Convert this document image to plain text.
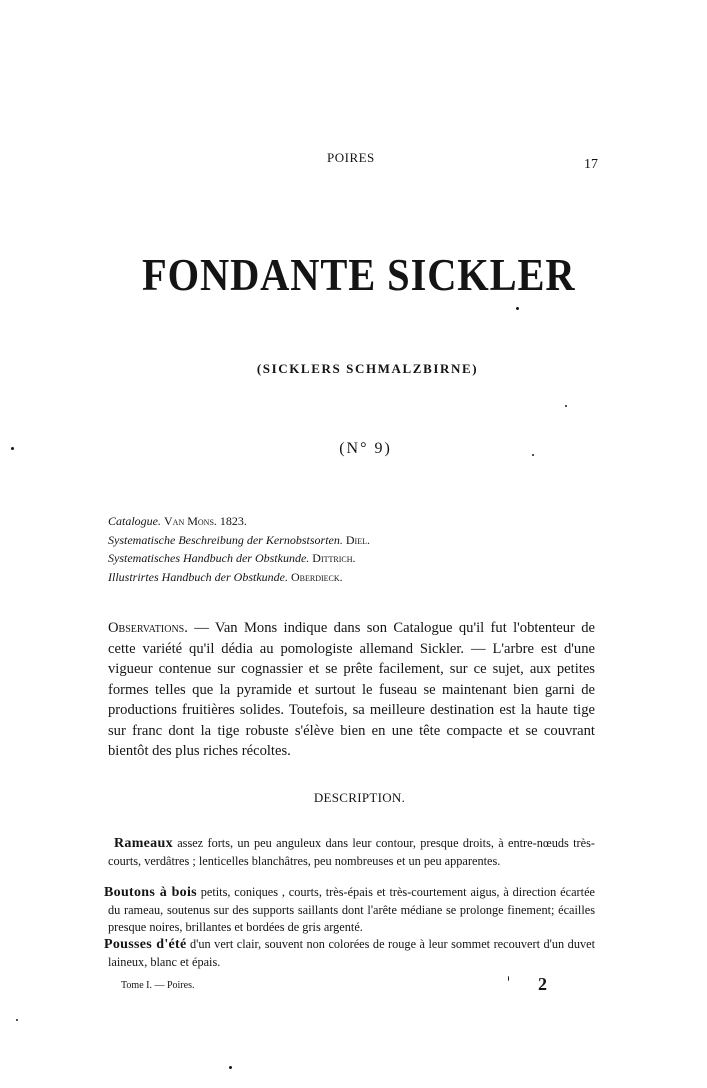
POIRES	17
FONDANTE SICKLER
(SICKLERS SCHMALZBIRNE)
(N° 9)
Catalogue. Van Mons. 1823.
Systematische Beschreibung der Kernobstsorten. Diel.
Systematisches Handbuch der Obstkunde. Dittrich.
Illustrirtes Handbuch der Obstkunde. Oberdieck.
Observations. — Van Mons indique dans son Catalogue qu'il fut l'obtenteur de cette variété qu'il dédia au pomologiste allemand Sickler. — L'arbre est d'une vigueur contenue sur cognassier et se prête facilement, sur ce sujet, aux petites formes telles que la pyramide et surtout le fuseau se maintenant bien garni de productions fruitières solides. Toutefois, sa meilleure destination est la haute tige sur franc dont la tige robuste s'élève bien en une tête compacte et se couvrant bientôt des plus riches récoltes.
DESCRIPTION.
Rameaux assez forts, un peu anguleux dans leur contour, presque droits, à entre-nœuds très-courts, verdâtres ; lenticelles blanchâtres, peu nombreuses et un peu apparentes.
Boutons à bois petits, coniques , courts, très-épais et très-courtement aigus, à direction écartée du rameau, soutenus sur des supports saillants dont l'arête médiane se prolonge finement; écailles presque noires, brillantes et bordées de gris argenté.
Pousses d'été d'un vert clair, souvent non colorées de rouge à leur sommet recouvert d'un duvet laineux, blanc et épais.
Tome I. — Poires.	2
